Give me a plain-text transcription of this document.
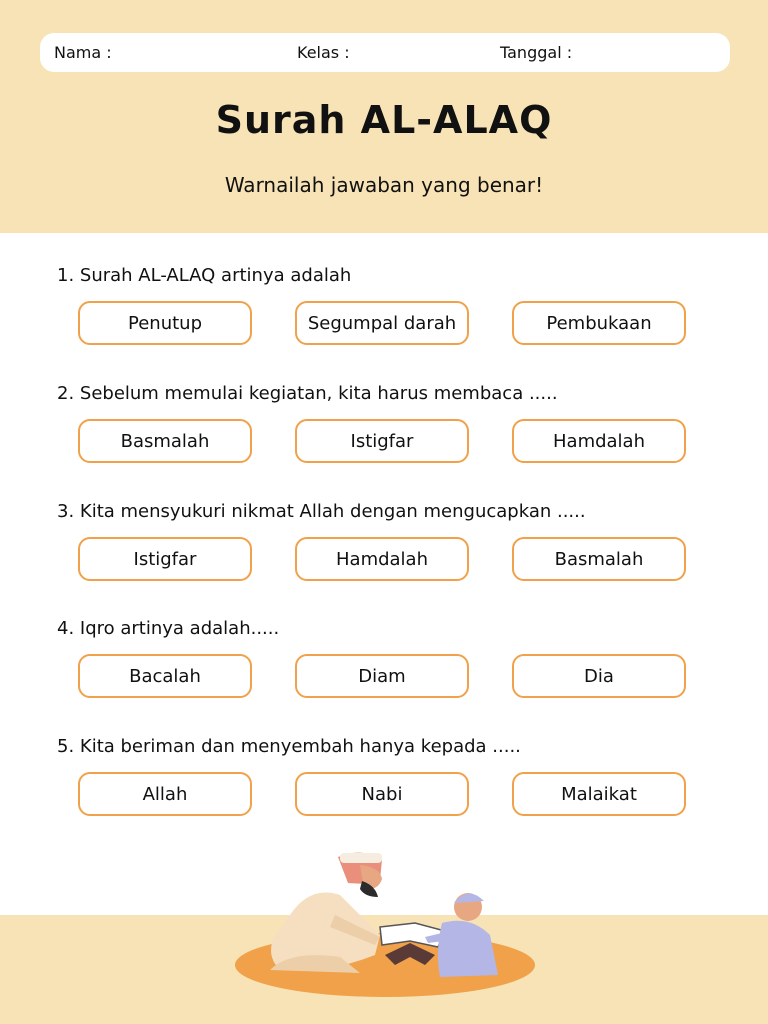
Nama :	Kelas :	Tanggal :
Surah AL-ALAQ
Warnailah jawaban yang benar!
1. Surah AL-ALAQ artinya adalah
Penutup	Segumpal darah	Pembukaan
2. Sebelum memulai kegiatan, kita harus membaca .....
Basmalah	Istigfar	Hamdalah
3. Kita mensyukuri nikmat Allah dengan mengucapkan .....
Istigfar	Hamdalah	Basmalah
4. Iqro artinya adalah.....
Bacalah	Diam	Dia
5. Kita beriman dan menyembah hanya kepada .....
Allah	Nabi	Malaikat
